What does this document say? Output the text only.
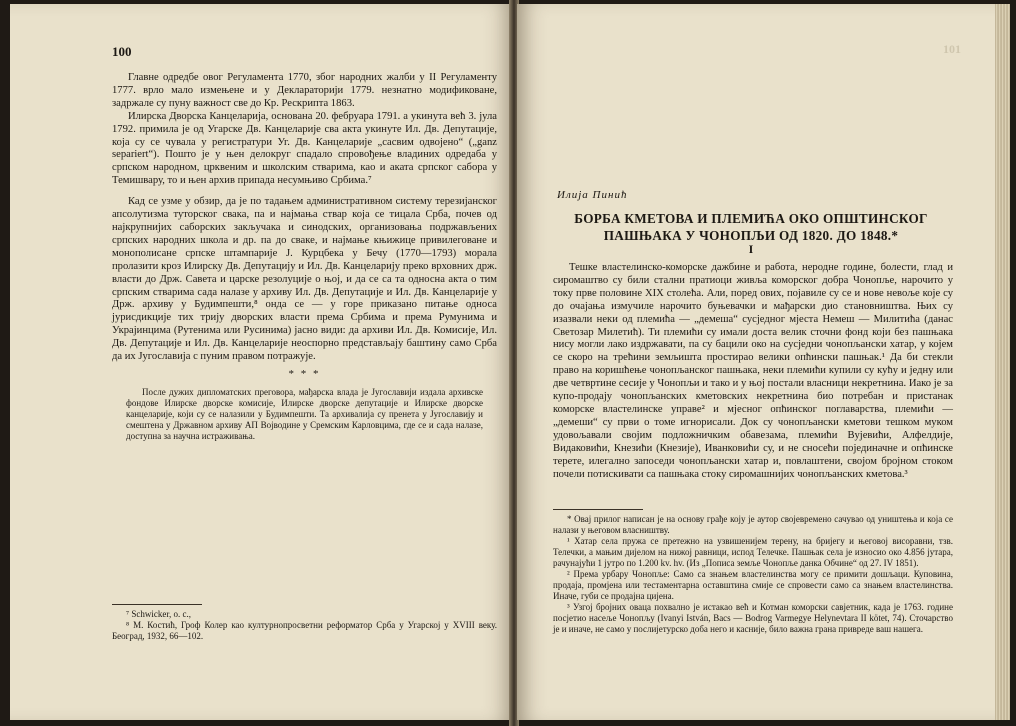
100

Главне одредбе овог Регуламента 1770, због народних жалби у II Регуламенту 1777. врло мало измењене и у Деклараторији 1779. незнатно модификоване, задржале су пуну важност све до Кр. Рескрипта 1863.

Илирска Дворска Канцеларија, основана 20. фебруара 1791. а укинута већ 3. јула 1792. примила је од Угарске Дв. Канцеларије сва акта укинуте Ил. Дв. Депутације, која су се чувала у регистратури Уг. Дв. Канцеларије „сасвим одвојено“ („ganz separiert“). Пошто је у њен делокруг спадало спровођење владиних одредаба у српском народном, црквеним и школским стварима, као и аката српског сабора у Темишвару, то и њен архив припада несумњиво Србима.⁷

Кад се узме у обзир, да је по тадањем административном систему терезијанског апсолутизма туторског свака, па и најмања ствар која се тицала Срба, почев од најкрупнијих саборских закључака и синодских, организовања подржављених српских народних школа и др. па до сваке, и најмање књижице привилеговане и монополисане српске штампарије Ј. Курцбека у Бечу (1770—1793) морала пролазити кроз Илирску Дв. Депутацију и Ил. Дв. Канцеларију преко врховних држ. власти до Држ. Савета и царске резолуције о њој, и да се са та односна акта о тим српским стварима сада налазе у архиву Ил. Дв. Депутације и Ил. Дв. Канцеларије у Држ. архиву у Будимпешти,⁸ онда се — у горе приказано питање односа јурисдикције тих трију дворских власти према Србима и према Румунима и Украјинцима (Рутенима или Русинима) јасно види: да архиви Ил. Дв. Комисије, Ил. Дв. Депутације и Ил. Дв. Канцеларије неоспорно представљају баштину само Срба да их Југославија с пуним правом потражује.

* * *

После дужих дипломатских преговора, мађарска влада је Југославији издала архивске фондове Илирске дворске комисије, Илирске дворске депутације и Илирске дворске канцеларије, који су се налазили у Будимпешти. Та архивалија су пренета у Југославију и смештена у Државном архиву АП Војводине у Сремским Карловцима, где се и сада налазе, доступна за научна истраживања.

⁷ Schwicker, o. c.,

⁸ М. Костић, Гроф Колер као културнопросветни реформатор Срба у Угарској у XVIII веку. Београд, 1932, 66—102.

101
Илија Пинић
БОРБА КМЕТОВА И ПЛЕМИЋА ОКО ОПШТИНСКОГ ПАШЊАКА У ЧОНОПЉИ ОД 1820. ДО 1848.*
I

Тешке властелинско-коморске дажбине и работа, неродне године, болести, глад и сиромаштво су били стални пратиоци живља коморског добра Чонопље, нарочито у току прве половине XIX столећа. Али, поред ових, појавиле су се и нове невоље које су до очајања измучиле нарочито буњевачки и мађарски дио становништва. Њих су изазвали неки од племића — „демеша“ сусједног мјеста Немеш — Милитића (данас Светозар Милетић). Ти племићи су имали доста велик сточни фонд који без пашњака нису могли лако издржавати, па су бацили око на сусједни чонопљански хатар, у којем се скоро на трећини земљишта простирао велики опћински пашњак.¹ Да би стекли право на коришћење чонопљанског пашњака, неки племићи купили су кућу и једну или две четвртине сесије у Чонопљи и тако и у њој постали власници некретнина. Иако је за купо-продају чонопљанских кметовских некретнина био потребан и пристанак коморске властелинске управе² и мјесног опћинског поглаварства, племићи — „демеши“ су први о томе игнорисали. Док су чонопљански кметови тешком муком удовољавали својим подложничким обавезама, племићи Вујевићи, Алфелдије, Видаковићи, Кнезићи (Кнезије), Иванковићи су, и не сносећи појединачне и опћинске терете, илегално запоседи чонопљански хатар и, повлаштени, својом бројном стоком почели потискивати са пашњака стоку сиромашнијих чонопљанских кметова.³

* Овај прилог написан је на основу грађе коју је аутор својевремено сачувао од уништења и која се налази у његовом власништву.

¹ Хатар села пружа се претежно на узвишенијем терену, на бријегу и његовој висоравни, тзв. Телечки, а мањим дијелом на нижој равници, испод Телечке. Пашњак села је износио око 4.856 јутара, рачунајући 1 јутро по 1.200 kv. hv. (Из „Пописа земље Чонопље данка Обчине“ од 27. IV 1851).

² Према урбару Чонопље: Само са знањем властелинства могу се примити дошљаци. Куповина, продаја, промјена или тестаментарна оставштина смије се спровести само са знањем властелинства. Иначе, губи се продајна цијена.

³ Узгој бројних оваца похвално је истакао већ и Котман коморски савјетник, када је 1763. године посјетио насеље Чонопљу (Ivanyi István, Bacs — Bodrog Varmegye Helynevtara II kötet, 74). Сточарство је и иначе, не само у послијетурско доба него и касније, било важна грана привреде ваш нашега.
